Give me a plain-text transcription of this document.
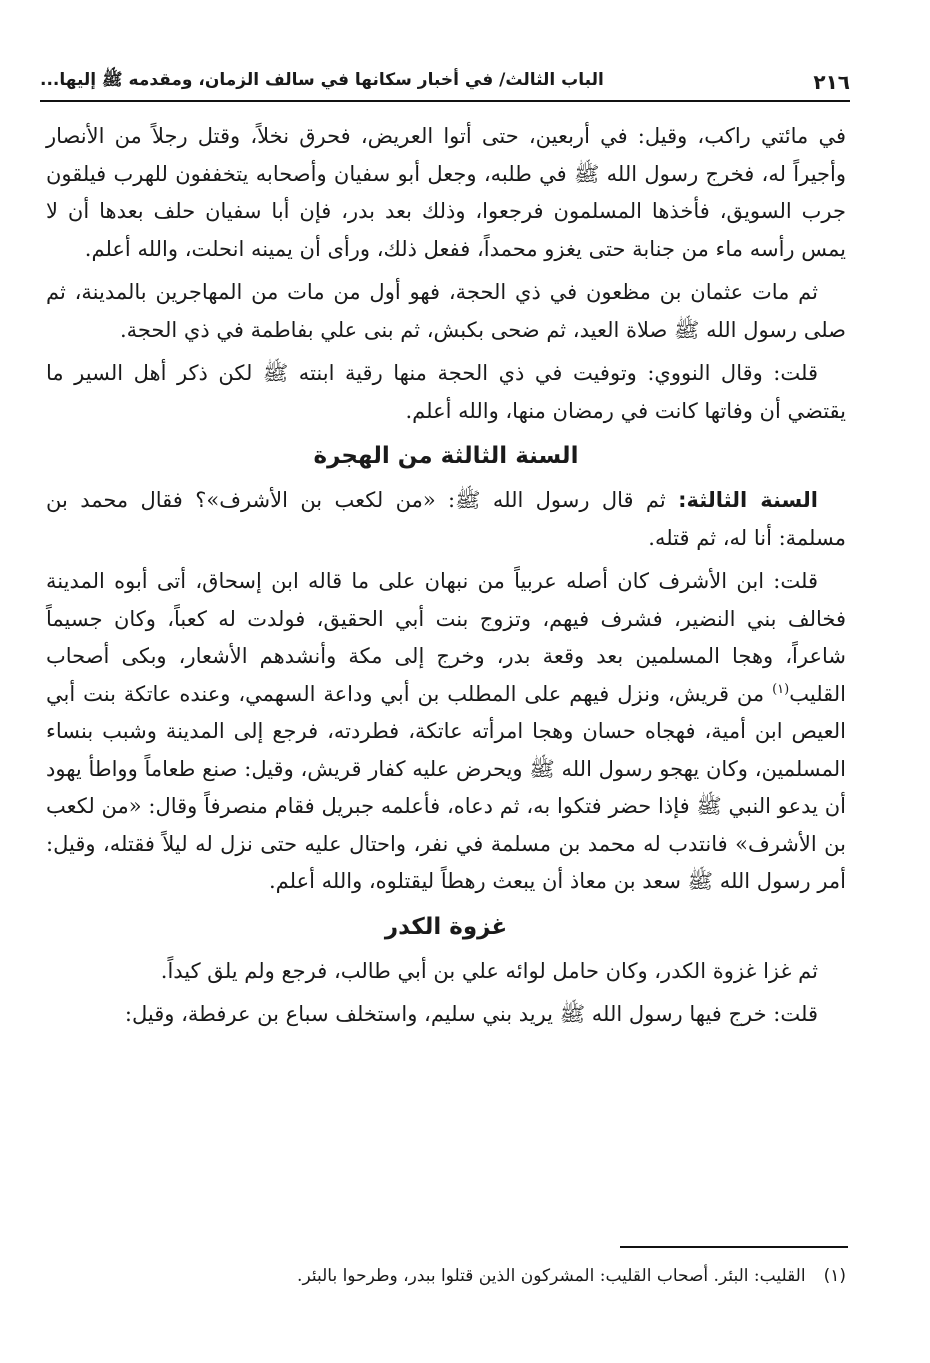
٢١٦
الباب الثالث/ في أخبار سكانها في سالف الزمان، ومقدمه ﷺ إليها...

في مائتي راكب، وقيل: في أربعين، حتى أتوا العريض، فحرق نخلاً، وقتل رجلاً من الأنصار وأجيراً له، فخرج رسول الله ﷺ في طلبه، وجعل أبو سفيان وأصحابه يتخففون للهرب فيلقون جرب السويق، فأخذها المسلمون فرجعوا، وذلك بعد بدر، فإن أبا سفيان حلف بعدها أن لا يمس رأسه ماء من جنابة حتى يغزو محمداً، ففعل ذلك، ورأى أن يمينه انحلت، والله أعلم.

ثم مات عثمان بن مظعون في ذي الحجة، فهو أول من مات من المهاجرين بالمدينة، ثم صلى رسول الله ﷺ صلاة العيد، ثم ضحى بكبش، ثم بنى علي بفاطمة في ذي الحجة.

قلت: وقال النووي: وتوفيت في ذي الحجة منها رقية ابنته ﷺ لكن ذكر أهل السير ما يقتضي أن وفاتها كانت في رمضان منها، والله أعلم.

السنة الثالثة من الهجرة

السنة الثالثة: ثم قال رسول الله ﷺ: «من لكعب بن الأشرف»؟ فقال محمد بن مسلمة: أنا له، ثم قتله.

قلت: ابن الأشرف كان أصله عربياً من نبهان على ما قاله ابن إسحاق، أتى أبوه المدينة فخالف بني النضير، فشرف فيهم، وتزوج بنت أبي الحقيق، فولدت له كعباً، وكان جسيماً شاعراً، وهجا المسلمين بعد وقعة بدر، وخرج إلى مكة وأنشدهم الأشعار، وبكى أصحاب القليب$^{(١)}$ من قريش، ونزل فيهم على المطلب بن أبي وداعة السهمي، وعنده عاتكة بنت أبي العيص ابن أمية، فهجاه حسان وهجا امرأته عاتكة، فطردته، فرجع إلى المدينة وشبب بنساء المسلمين، وكان يهجو رسول الله ﷺ ويحرض عليه كفار قريش، وقيل: صنع طعاماً وواطأ يهود أن يدعو النبي ﷺ فإذا حضر فتكوا به، ثم دعاه، فأعلمه جبريل فقام منصرفاً وقال: «من لكعب بن الأشرف» فانتدب له محمد بن مسلمة في نفر، واحتال عليه حتى نزل له ليلاً فقتله، وقيل: أمر رسول الله ﷺ سعد بن معاذ أن يبعث رهطاً ليقتلوه، والله أعلم.

غزوة الكدر

ثم غزا غزوة الكدر، وكان حامل لوائه علي بن أبي طالب، فرجع ولم يلق كيداً.

قلت: خرج فيها رسول الله ﷺ يريد بني سليم، واستخلف سباع بن عرفطة، وقيل:

(١)
القليب: البئر. أصحاب القليب: المشركون الذين قتلوا ببدر، وطرحوا بالبئر.
